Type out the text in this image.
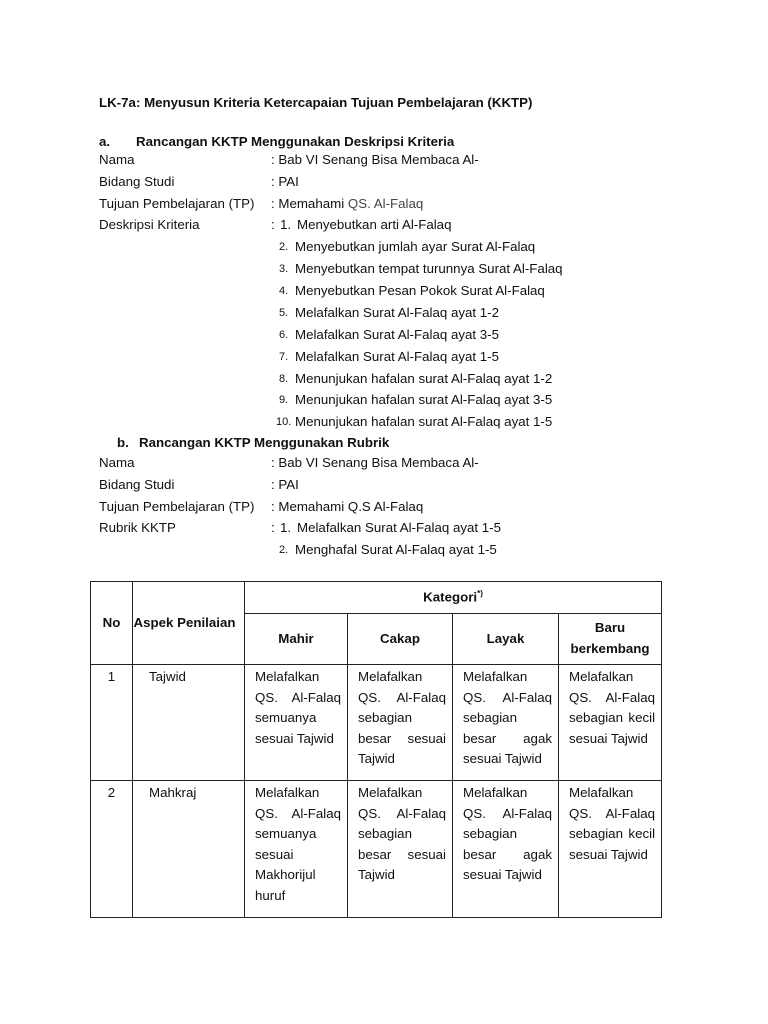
LK-7a: Menyusun Kriteria Ketercapaian Tujuan Pembelajaran (KKTP)
a. Rancangan KKTP Menggunakan Deskripsi Kriteria
Nama	: Bab VI Senang Bisa Membaca Al-
Bidang Studi	: PAI
Tujuan Pembelajaran (TP) : Memahami QS. Al-Falaq
Deskripsi Kriteria	: 1. Menyebutkan arti Al-Falaq
2. Menyebutkan jumlah ayar Surat Al-Falaq
3. Menyebutkan tempat turunnya Surat Al-Falaq
4. Menyebutkan Pesan Pokok Surat Al-Falaq
5. Melafalkan Surat Al-Falaq ayat 1-2
6. Melafalkan Surat Al-Falaq ayat 3-5
7. Melafalkan Surat Al-Falaq ayat 1-5
8. Menunjukan hafalan surat Al-Falaq ayat 1-2
9. Menunjukan hafalan surat Al-Falaq ayat 3-5
10. Menunjukan hafalan surat Al-Falaq ayat 1-5
b. Rancangan KKTP Menggunakan Rubrik
Nama	: Bab VI Senang Bisa Membaca Al-
Bidang Studi	: PAI
Tujuan Pembelajaran (TP) : Memahami Q.S Al-Falaq
Rubrik KKTP	: 1. Melafalkan Surat Al-Falaq ayat 1-5
2. Menghafal Surat Al-Falaq ayat 1-5
No	Aspek Penilaian	Kategori*)
		Mahir	Cakap	Layak	Baru berkembang
1	Tajwid	Melafalkan QS. Al-Falaq semuanya sesuai Tajwid	Melafalkan QS. Al-Falaq sebagian besar sesuai Tajwid	Melafalkan QS. Al-Falaq sebagian besar agak sesuai Tajwid	Melafalkan QS. Al-Falaq sebagian kecil sesuai Tajwid
2	Mahkraj	Melafalkan QS. Al-Falaq semuanya sesuai Makhorijul huruf	Melafalkan QS. Al-Falaq sebagian besar sesuai Tajwid	Melafalkan QS. Al-Falaq sebagian besar agak sesuai Tajwid	Melafalkan QS. Al-Falaq sebagian kecil sesuai Tajwid
